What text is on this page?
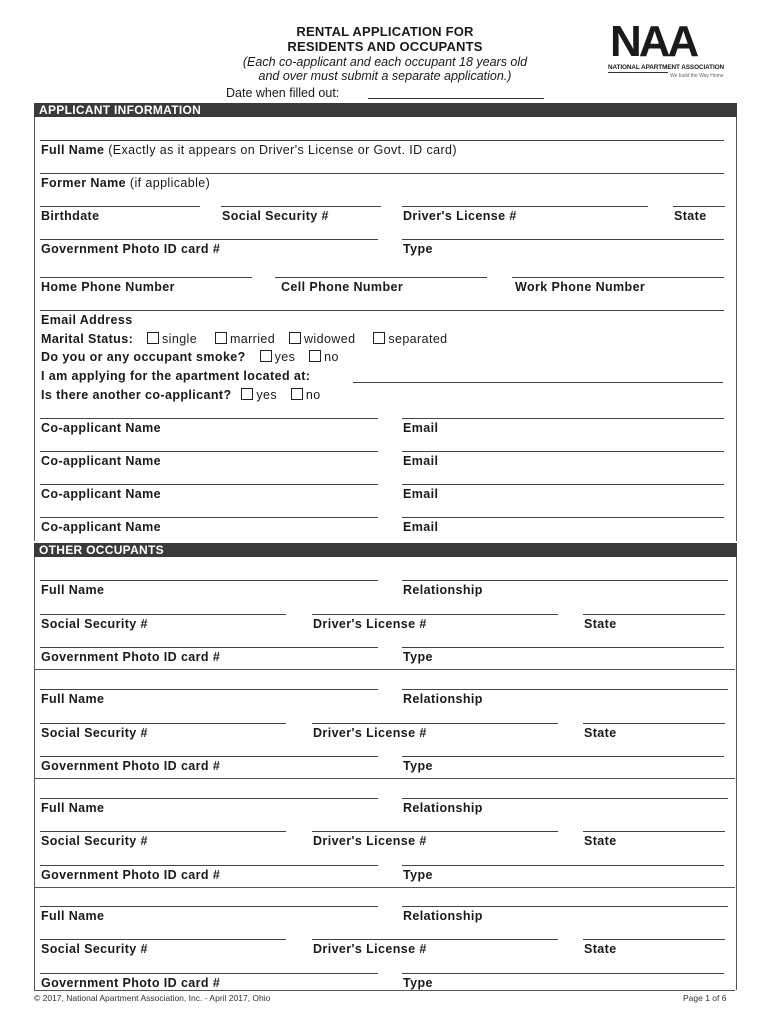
RENTAL APPLICATION FOR
RESIDENTS AND OCCUPANTS
(Each co-applicant and each occupant 18 years old
and over must submit a separate application.)
Date when filled out:
NAA
NATIONAL APARTMENT ASSOCIATION
We build the Way Home
APPLICANT INFORMATION
Full Name (Exactly as it appears on Driver's License or Govt. ID card)
Former Name (if applicable)
Birthdate	Social Security #	Driver's License #	State
Government Photo ID card #	Type
Home Phone Number	Cell Phone Number	Work Phone Number
Email Address
Marital Status: single	married widowed	separated
Do you or any occupant smoke? yes no
I am applying for the apartment located at:
Is there another co-applicant? yes no
Co-applicant Name	Email
Co-applicant Name	Email
Co-applicant Name	Email
Co-applicant Name	Email
OTHER OCCUPANTS
Full Name	Relationship
Social Security #	Driver's License #	State
Government Photo ID card #	Type
Full Name	Relationship
Social Security #	Driver's License #	State
Government Photo ID card #	Type
Full Name	Relationship
Social Security #	Driver's License #	State
Government Photo ID card #	Type
Full Name	Relationship
Social Security #	Driver's License #	State
Government Photo ID card #	Type
© 2017, National Apartment Association, Inc. - April 2017, Ohio	Page 1 of 6
